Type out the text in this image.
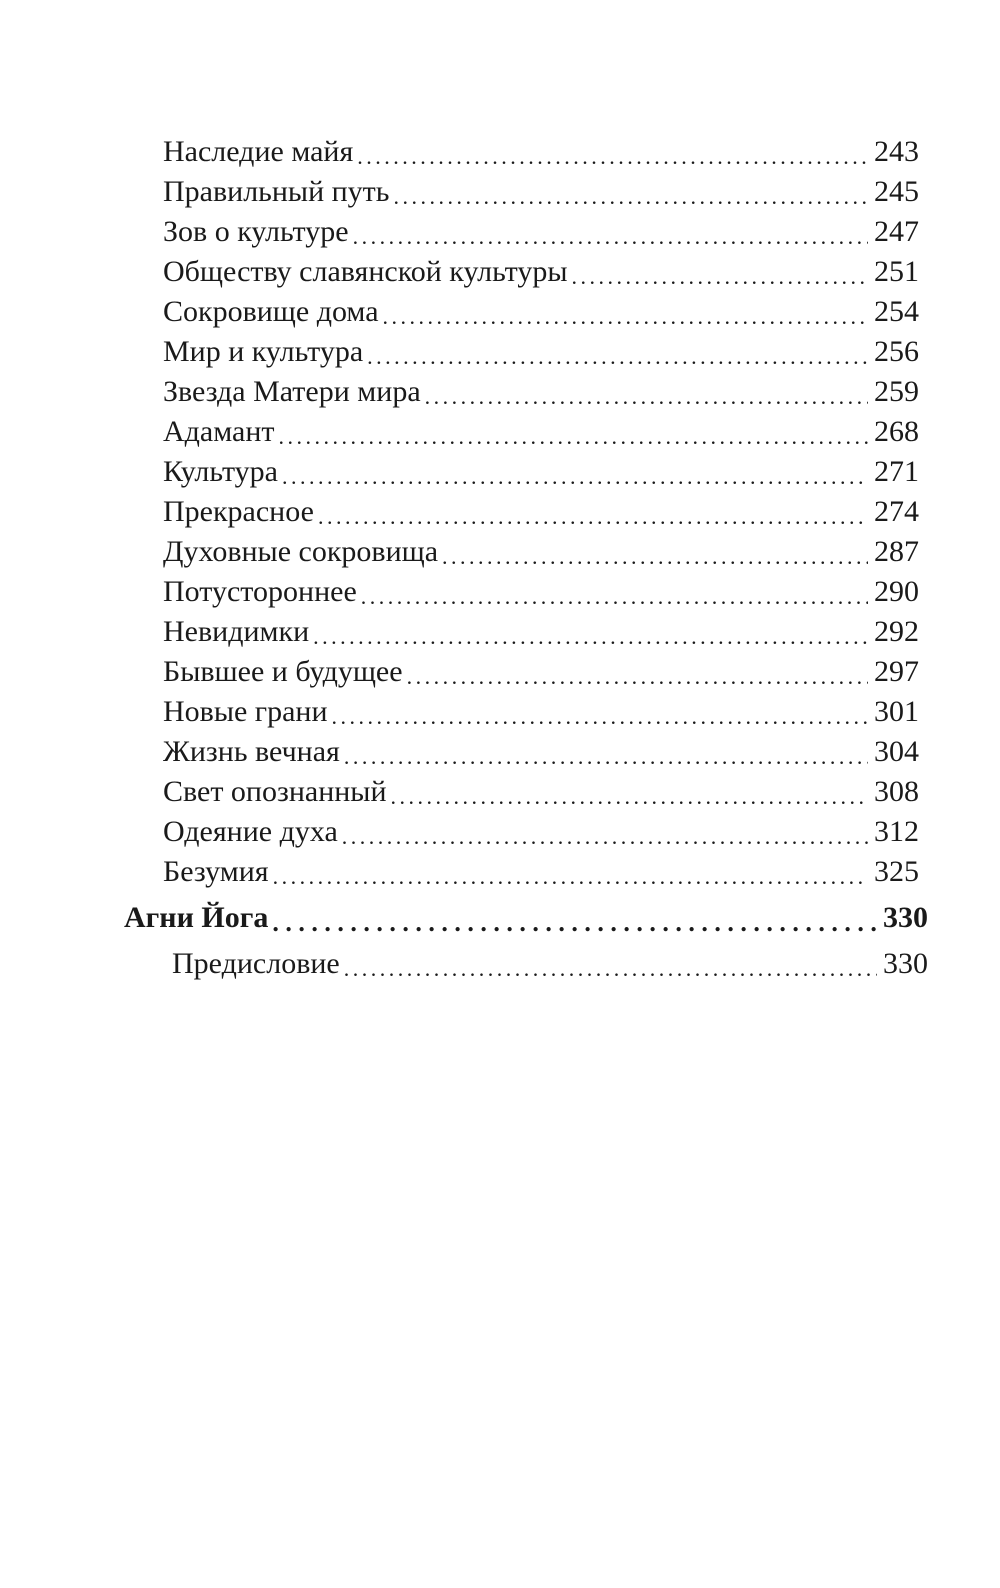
Наследие майя . . .	243
Правильный путь . . .	245
Зов о культуре . . .	247
Обществу славянской культуры . . .	251
Сокровище дома . . .	254
Мир и культура . . .	256
Звезда Матери мира . . .	259
Адамант . . .	268
Культура . . .	271
Прекрасное . . .	274
Духовные сокровища . . .	287
Потустороннее . . .	290
Невидимки . . .	292
Бывшее и будущее . . .	297
Новые грани . . .	301
Жизнь вечная . . .	304
Свет опознанный . . .	308
Одеяние духа . . .	312
Безумия . . .	325
Агни Йога . . .	330
Предисловие . . .	330
